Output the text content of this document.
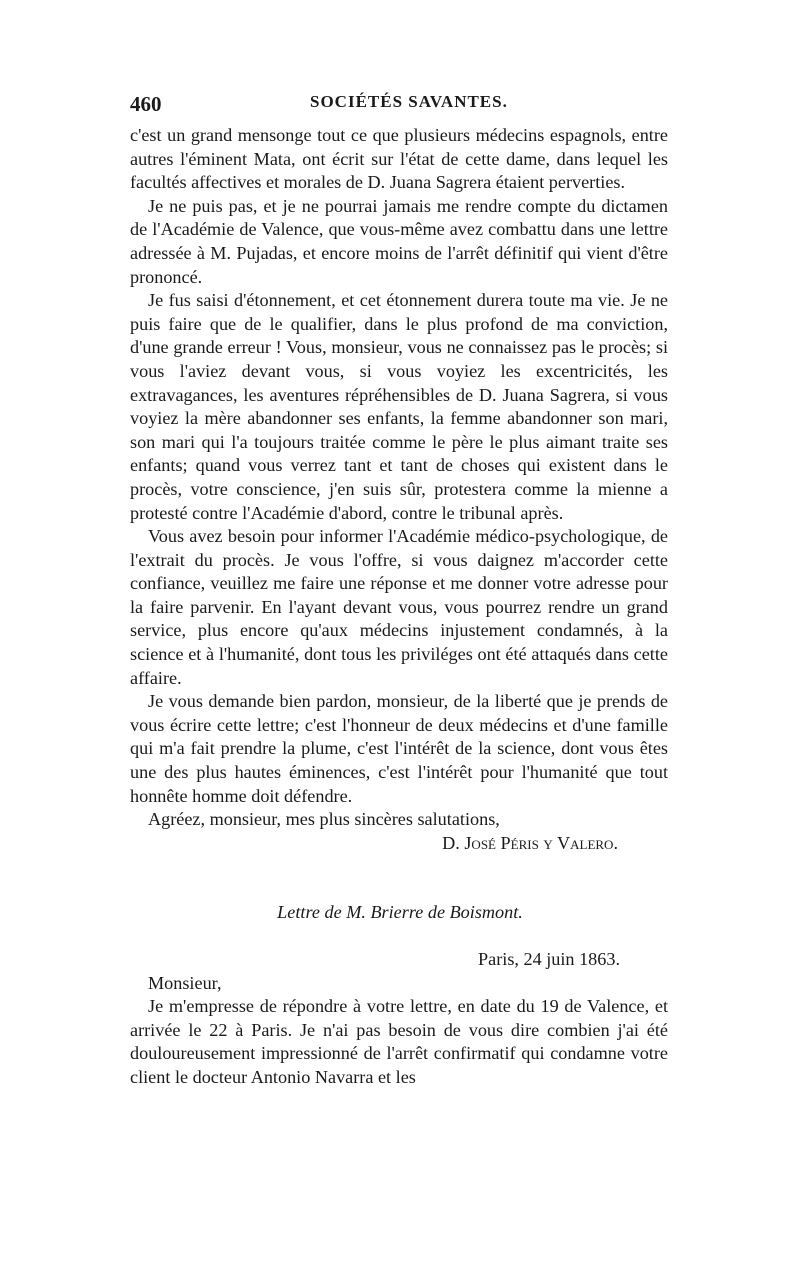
460	SOCIÉTÉS SAVANTES.

c'est un grand mensonge tout ce que plusieurs médecins espagnols, entre autres l'éminent Mata, ont écrit sur l'état de cette dame, dans lequel les facultés affectives et morales de D. Juana Sagrera étaient perverties.

Je ne puis pas, et je ne pourrai jamais me rendre compte du dictamen de l'Académie de Valence, que vous-même avez combattu dans une lettre adressée à M. Pujadas, et encore moins de l'arrêt définitif qui vient d'être prononcé.

Je fus saisi d'étonnement, et cet étonnement durera toute ma vie. Je ne puis faire que de le qualifier, dans le plus profond de ma conviction, d'une grande erreur ! Vous, monsieur, vous ne connaissez pas le procès; si vous l'aviez devant vous, si vous voyiez les excentricités, les extravagances, les aventures répréhensibles de D. Juana Sagrera, si vous voyiez la mère abandonner ses enfants, la femme abandonner son mari, son mari qui l'a toujours traitée comme le père le plus aimant traite ses enfants; quand vous verrez tant et tant de choses qui existent dans le procès, votre conscience, j'en suis sûr, protestera comme la mienne a protesté contre l'Académie d'abord, contre le tribunal après.

Vous avez besoin pour informer l'Académie médico-psychologique, de l'extrait du procès. Je vous l'offre, si vous daignez m'accorder cette confiance, veuillez me faire une réponse et me donner votre adresse pour la faire parvenir. En l'ayant devant vous, vous pourrez rendre un grand service, plus encore qu'aux médecins injustement condamnés, à la science et à l'humanité, dont tous les priviléges ont été attaqués dans cette affaire.

Je vous demande bien pardon, monsieur, de la liberté que je prends de vous écrire cette lettre; c'est l'honneur de deux médecins et d'une famille qui m'a fait prendre la plume, c'est l'intérêt de la science, dont vous êtes une des plus hautes éminences, c'est l'intérêt pour l'humanité que tout honnête homme doit défendre.

Agréez, monsieur, mes plus sincères salutations,

D. José Péris y Valero.

Lettre de M. Brierre de Boismont.

Paris, 24 juin 1863.

Monsieur,

Je m'empresse de répondre à votre lettre, en date du 19 de Valence, et arrivée le 22 à Paris. Je n'ai pas besoin de vous dire combien j'ai été douloureusement impressionné de l'arrêt confirmatif qui condamne votre client le docteur Antonio Navarra et les
